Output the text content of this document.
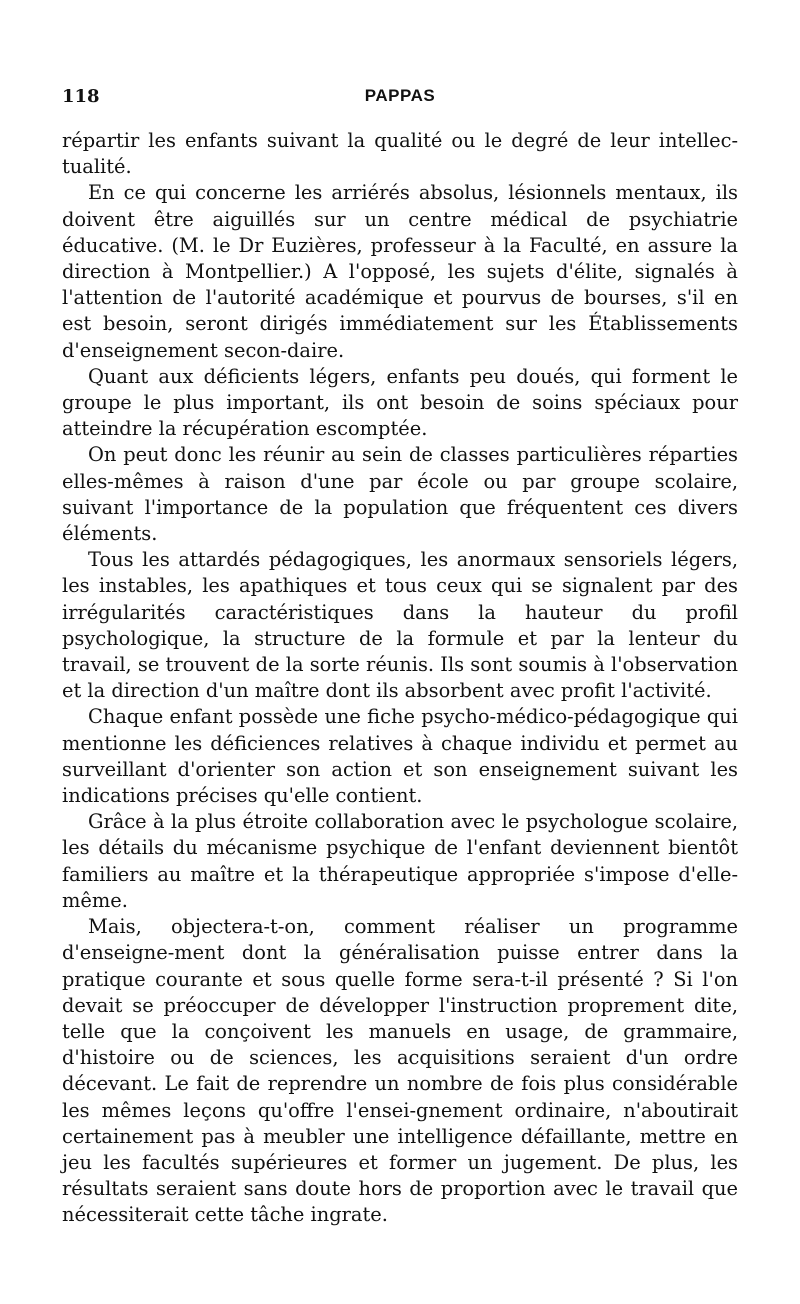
118	PAPPAS

répartir les enfants suivant la qualité ou le degré de leur intellec-tualité.

En ce qui concerne les arriérés absolus, lésionnels mentaux, ils doivent être aiguillés sur un centre médical de psychiatrie éducative. (M. le Dr Euzières, professeur à la Faculté, en assure la direction à Montpellier.) A l'opposé, les sujets d'élite, signalés à l'attention de l'autorité académique et pourvus de bourses, s'il en est besoin, seront dirigés immédiatement sur les Établissements d'enseignement secon-daire.

Quant aux déficients légers, enfants peu doués, qui forment le groupe le plus important, ils ont besoin de soins spéciaux pour atteindre la récupération escomptée.

On peut donc les réunir au sein de classes particulières réparties elles-mêmes à raison d'une par école ou par groupe scolaire, suivant l'importance de la population que fréquentent ces divers éléments.

Tous les attardés pédagogiques, les anormaux sensoriels légers, les instables, les apathiques et tous ceux qui se signalent par des irrégularités caractéristiques dans la hauteur du profil psychologique, la structure de la formule et par la lenteur du travail, se trouvent de la sorte réunis. Ils sont soumis à l'observation et la direction d'un maître dont ils absorbent avec profit l'activité.

Chaque enfant possède une fiche psycho-médico-pédagogique qui mentionne les déficiences relatives à chaque individu et permet au surveillant d'orienter son action et son enseignement suivant les indications précises qu'elle contient.

Grâce à la plus étroite collaboration avec le psychologue scolaire, les détails du mécanisme psychique de l'enfant deviennent bientôt familiers au maître et la thérapeutique appropriée s'impose d'elle-même.

Mais, objectera-t-on, comment réaliser un programme d'enseigne-ment dont la généralisation puisse entrer dans la pratique courante et sous quelle forme sera-t-il présenté ? Si l'on devait se préoccuper de développer l'instruction proprement dite, telle que la conçoivent les manuels en usage, de grammaire, d'histoire ou de sciences, les acquisitions seraient d'un ordre décevant. Le fait de reprendre un nombre de fois plus considérable les mêmes leçons qu'offre l'ensei-gnement ordinaire, n'aboutirait certainement pas à meubler une intelligence défaillante, mettre en jeu les facultés supérieures et former un jugement. De plus, les résultats seraient sans doute hors de proportion avec le travail que nécessiterait cette tâche ingrate.
